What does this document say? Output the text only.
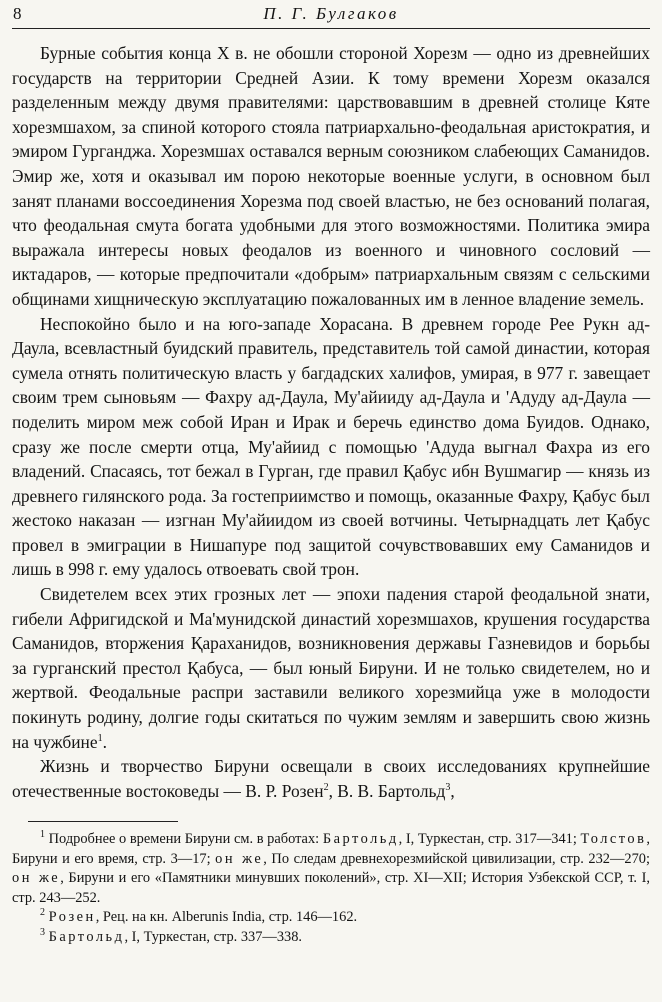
8	П. Г. Булгаков

Бурные события конца X в. не обошли стороной Хорезм — одно из древнейших государств на территории Средней Азии. К тому времени Хорезм оказался разделенным между двумя правителями: царствовавшим в древней столице Кяте хорезмшахом, за спиной которого стояла патриархально-феодальная аристократия, и эмиром Гурганджа. Хорезмшах оставался верным союзником слабеющих Саманидов. Эмир же, хотя и оказывал им порою некоторые военные услуги, в основном был занят планами воссоединения Хорезма под своей властью, не без оснований полагая, что феодальная смута богата удобными для этого возможностями. Политика эмира выражала интересы новых феодалов из военного и чиновного сословий — иктадаров, — которые предпочитали «добрым» патриархальным связям с сельскими общинами хищническую эксплуатацию пожалованных им в ленное владение земель.

Неспокойно было и на юго-западе Хорасана. В древнем городе Рее Рукн ад-Даула, всевластный буидский правитель, представитель той самой династии, которая сумела отнять политическую власть у багдадских халифов, умирая, в 977 г. завещает своим трем сыновьям — Фахру ад-Даула, Му'айииду ад-Даула и 'Адуду ад-Даула — поделить миром меж собой Иран и Ирак и беречь единство дома Буидов. Однако, сразу же после смерти отца, Му'айиид с помощью 'Адуда выгнал Фахра из его владений. Спасаясь, тот бежал в Гурган, где правил Қабус ибн Вушмагир — князь из древнего гилянского рода. За гостеприимство и помощь, оказанные Фахру, Қабус был жестоко наказан — изгнан Му'айиидом из своей вотчины. Четырнадцать лет Қабус провел в эмиграции в Нишапуре под защитой сочувствовавших ему Саманидов и лишь в 998 г. ему удалось отвоевать свой трон.

Свидетелем всех этих грозных лет — эпохи падения старой феодальной знати, гибели Афригидской и Ма'мунидской династий хорезмшахов, крушения государства Саманидов, вторжения Қараханидов, возникновения державы Газневидов и борьбы за гурганский престол Қабуса, — был юный Бируни. И не только свидетелем, но и жертвой. Феодальные распри заставили великого хорезмийца уже в молодости покинуть родину, долгие годы скитаться по чужим землям и завершить свою жизнь на чужбине$^1$.

Жизнь и творчество Бируни освещали в своих исследованиях крупнейшие отечественные востоковеды — В. Р. Розен$^2$, В. В. Бартольд$^3$,

$^1$ Подробнее о времени Бируни см. в работах: Бартольд, I, Туркестан, стр. 317—341; Толстов, Бируни и его время, стр. 3—17; он же, По следам древнехорезмийской цивилизации, стр. 232—270; он же, Бируни и его «Памятники минувших поколений», стр. XI—XII; История Узбекской ССР, т. I, стр. 243—252.

$^2$ Розен, Рец. на кн. Alberunis India, стр. 146—162.

$^3$ Бартольд, I, Туркестан, стр. 337—338.
